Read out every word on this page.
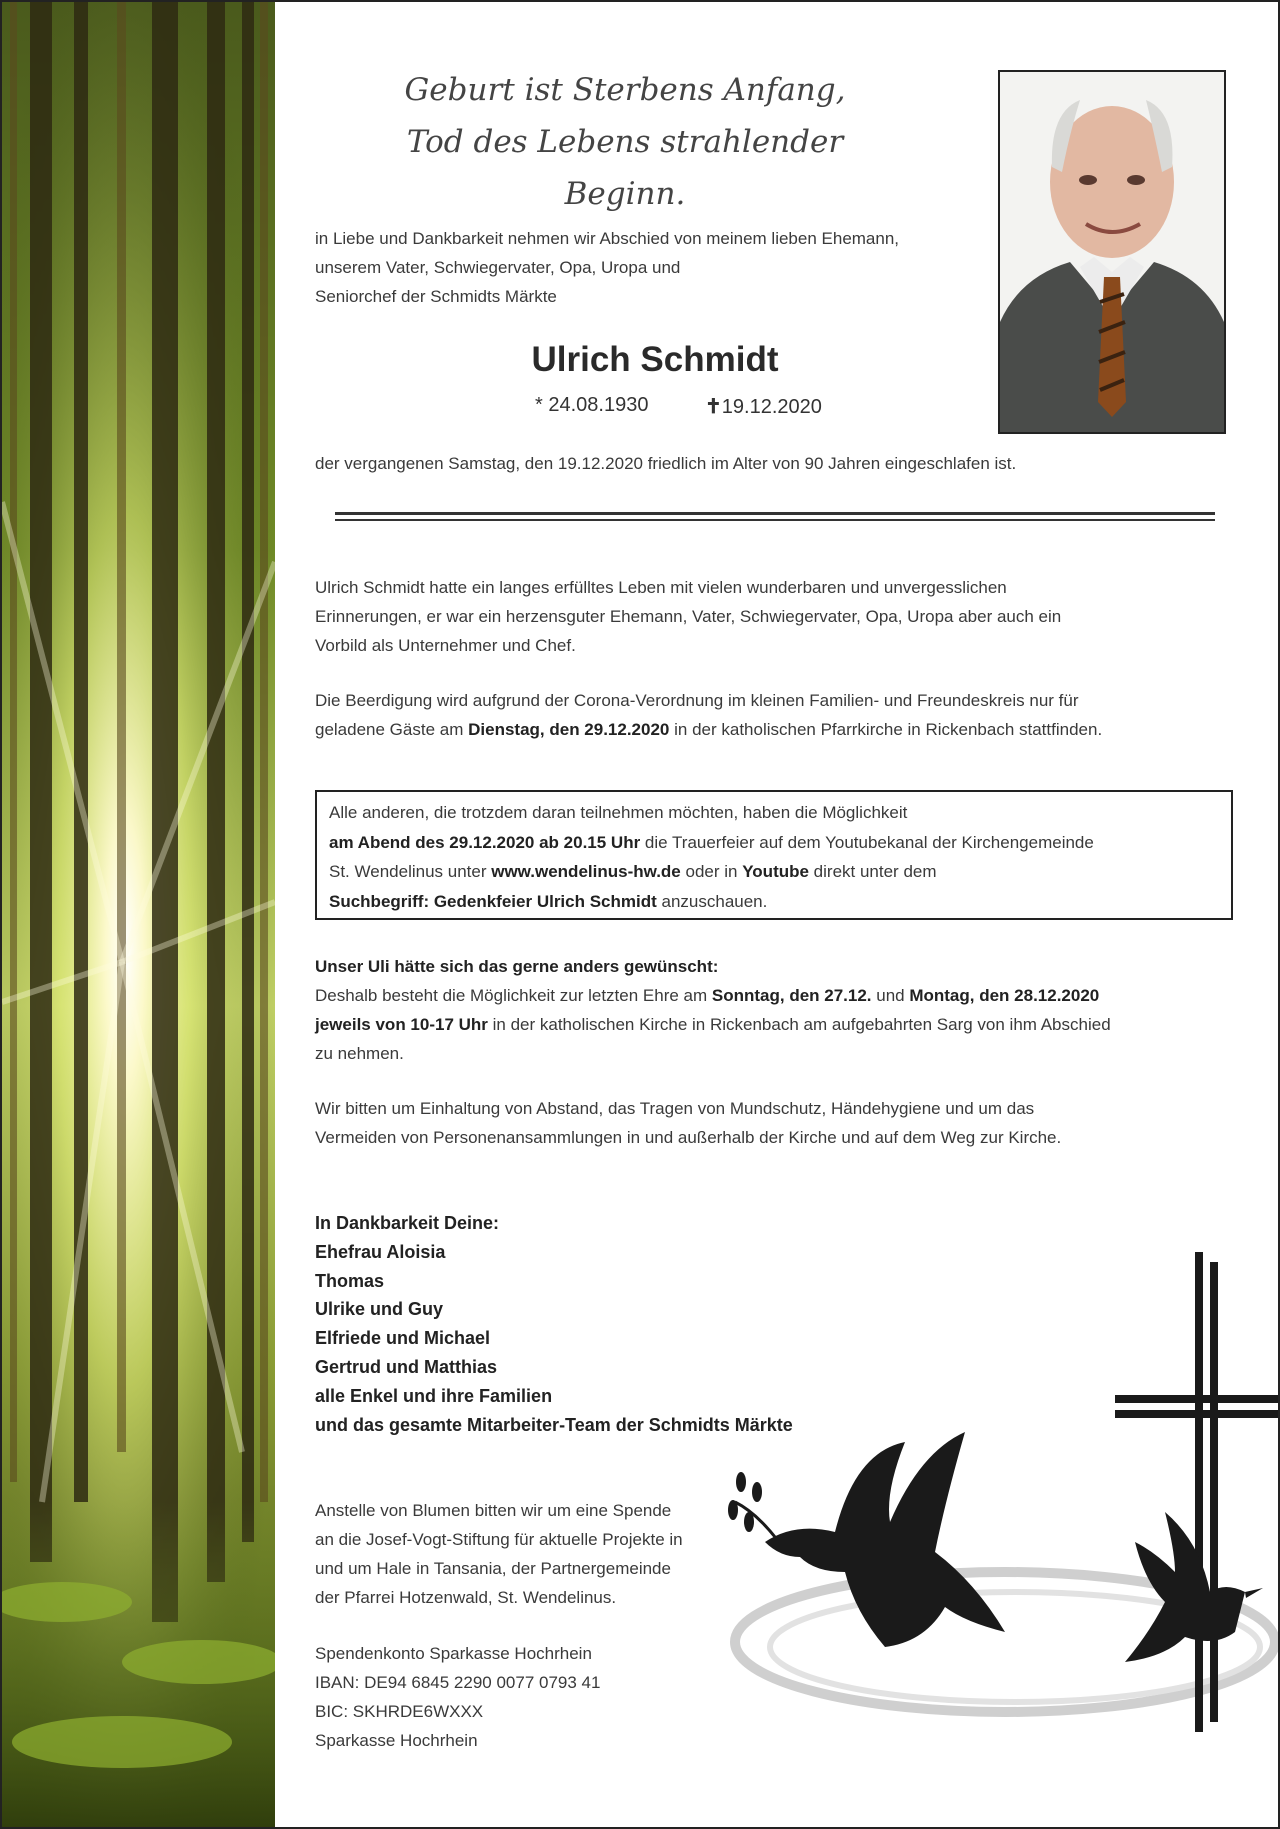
Geburt ist Sterbens Anfang,
Tod des Lebens strahlender Beginn.
in Liebe und Dankbarkeit nehmen wir Abschied von meinem lieben Ehemann,
unserem Vater, Schwiegervater, Opa, Uropa und
Seniorchef der Schmidts Märkte
Ulrich Schmidt
* 24.08.1930	✝19.12.2020
der vergangenen Samstag, den 19.12.2020 friedlich im Alter von 90 Jahren eingeschlafen ist.
Ulrich Schmidt hatte ein langes erfülltes Leben mit vielen wunderbaren und unvergesslichen
Erinnerungen, er war ein herzensguter Ehemann, Vater, Schwiegervater, Opa, Uropa aber auch ein
Vorbild als Unternehmer und Chef.
Die Beerdigung wird aufgrund der Corona-Verordnung im kleinen Familien- und Freundeskreis nur für
geladene Gäste am Dienstag, den 29.12.2020 in der katholischen Pfarrkirche in Rickenbach stattfinden.
Alle anderen, die trotzdem daran teilnehmen möchten, haben die Möglichkeit
am Abend des 29.12.2020 ab 20.15 Uhr die Trauerfeier auf dem Youtubekanal der Kirchengemeinde
St. Wendelinus unter www.wendelinus-hw.de oder in Youtube direkt unter dem
Suchbegriff: Gedenkfeier Ulrich Schmidt anzuschauen.
Unser Uli hätte sich das gerne anders gewünscht:
Deshalb besteht die Möglichkeit zur letzten Ehre am Sonntag, den 27.12. und Montag, den 28.12.2020
jeweils von 10-17 Uhr in der katholischen Kirche in Rickenbach am aufgebahrten Sarg von ihm Abschied
zu nehmen.
Wir bitten um Einhaltung von Abstand, das Tragen von Mundschutz, Händehygiene und um das
Vermeiden von Personenansammlungen in und außerhalb der Kirche und auf dem Weg zur Kirche.
In Dankbarkeit Deine:
Ehefrau Aloisia
Thomas
Ulrike und Guy
Elfriede und Michael
Gertrud und Matthias
alle Enkel und ihre Familien
und das gesamte Mitarbeiter-Team der Schmidts Märkte
Anstelle von Blumen bitten wir um eine Spende
an die Josef-Vogt-Stiftung für aktuelle Projekte in
und um Hale in Tansania, der Partnergemeinde
der Pfarrei Hotzenwald, St. Wendelinus.
Spendenkonto Sparkasse Hochrhein
IBAN: DE94 6845 2290 0077 0793 41
BIC: SKHRDE6WXXX
Sparkasse Hochrhein
